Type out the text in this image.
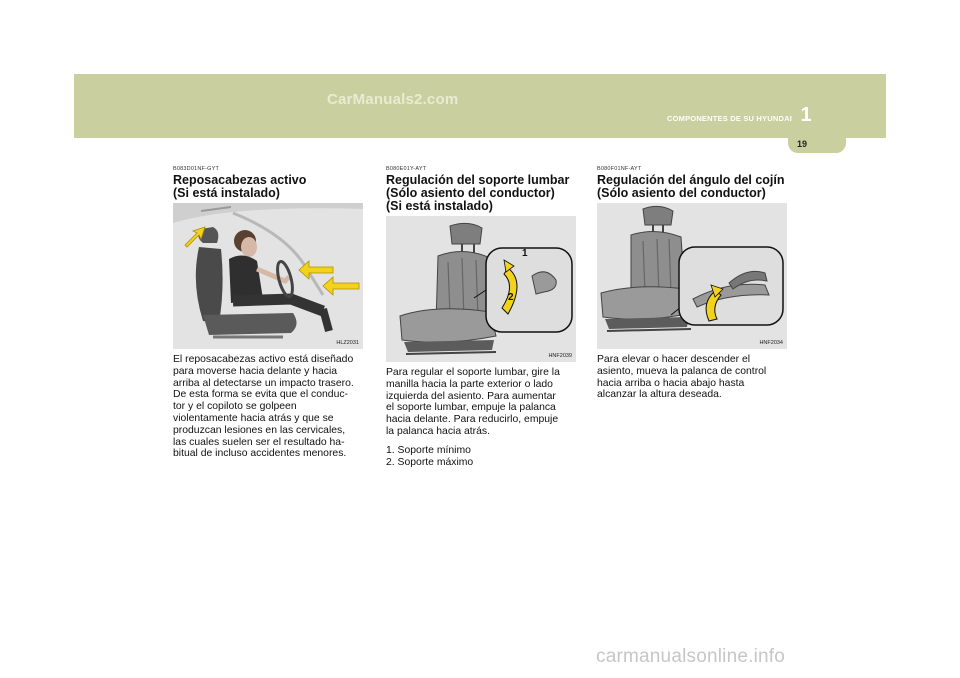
CarManuals2.com
1
COMPONENTES DE SU HYUNDAI
19
B083D01NF-GYT
Reposacabezas activo
(Si está instalado)
HLZ2031
El reposacabezas activo está diseñado
para moverse hacia delante y hacia
arriba al detectarse un impacto trasero.
De esta forma se evita que el conduc-
tor y el copiloto se golpeen
violentamente hacia atrás y que se
produzcan lesiones en las cervicales,
las cuales suelen ser el resultado ha-
bitual de incluso accidentes menores.
B080E01Y-AYT
Regulación del soporte lumbar
(Sólo asiento del conductor)
(Si está instalado)
1
2
HNF2039
Para regular el soporte lumbar, gire la
manilla hacia la parte exterior o lado
izquierda del asiento. Para aumentar
el soporte lumbar, empuje la palanca
hacia delante. Para reducirlo, empuje
la palanca hacia atrás.
1. Soporte mínimo
2. Soporte máximo
B080F01NF-AYT
Regulación del ángulo del cojín
(Sólo asiento del conductor)
HNF2034
Para elevar o hacer descender el
asiento, mueva la palanca de control
hacia arriba o hacia abajo hasta
alcanzar la altura deseada.
carmanualsonline.info
